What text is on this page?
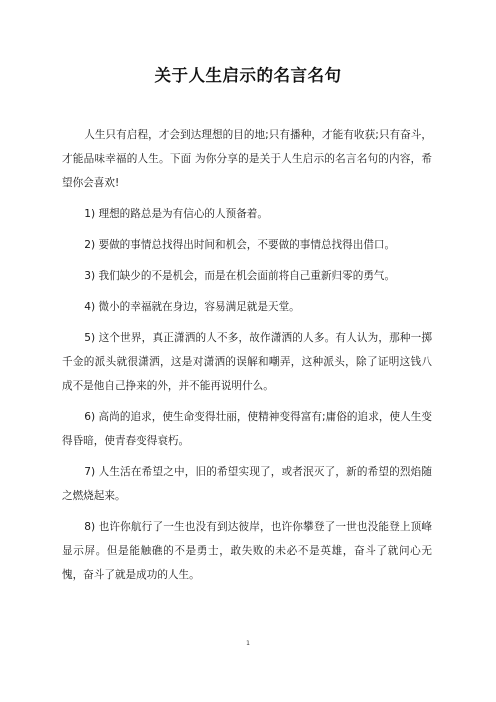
关于人生启示的名言名句

人生只有启程，才会到达理想的目的地;只有播种，才能有收获;只有奋斗，才能品味幸福的人生。下面 为你分享的是关于人生启示的名言名句的内容，希望你会喜欢!

1) 理想的路总是为有信心的人预备着。

2) 要做的事情总找得出时间和机会，不要做的事情总找得出借口。

3) 我们缺少的不是机会，而是在机会面前将自己重新归零的勇气。

4) 微小的幸福就在身边，容易满足就是天堂。

5) 这个世界，真正潇洒的人不多，故作潇洒的人多。有人认为，那种一掷千金的派头就很潇洒，这是对潇洒的误解和嘲弄，这种派头，除了证明这钱八成不是他自己挣来的外，并不能再说明什么。

6) 高尚的追求，使生命变得壮丽，使精神变得富有;庸俗的追求，使人生变得昏暗，使青春变得衰朽。

7) 人生活在希望之中，旧的希望实现了，或者泯灭了，新的希望的烈焰随之燃烧起来。

8) 也许你航行了一生也没有到达彼岸，也许你攀登了一世也没能登上顶峰显示屏。但是能触礁的不是勇士，敢失败的未必不是英雄，奋斗了就问心无愧，奋斗了就是成功的人生。

1
